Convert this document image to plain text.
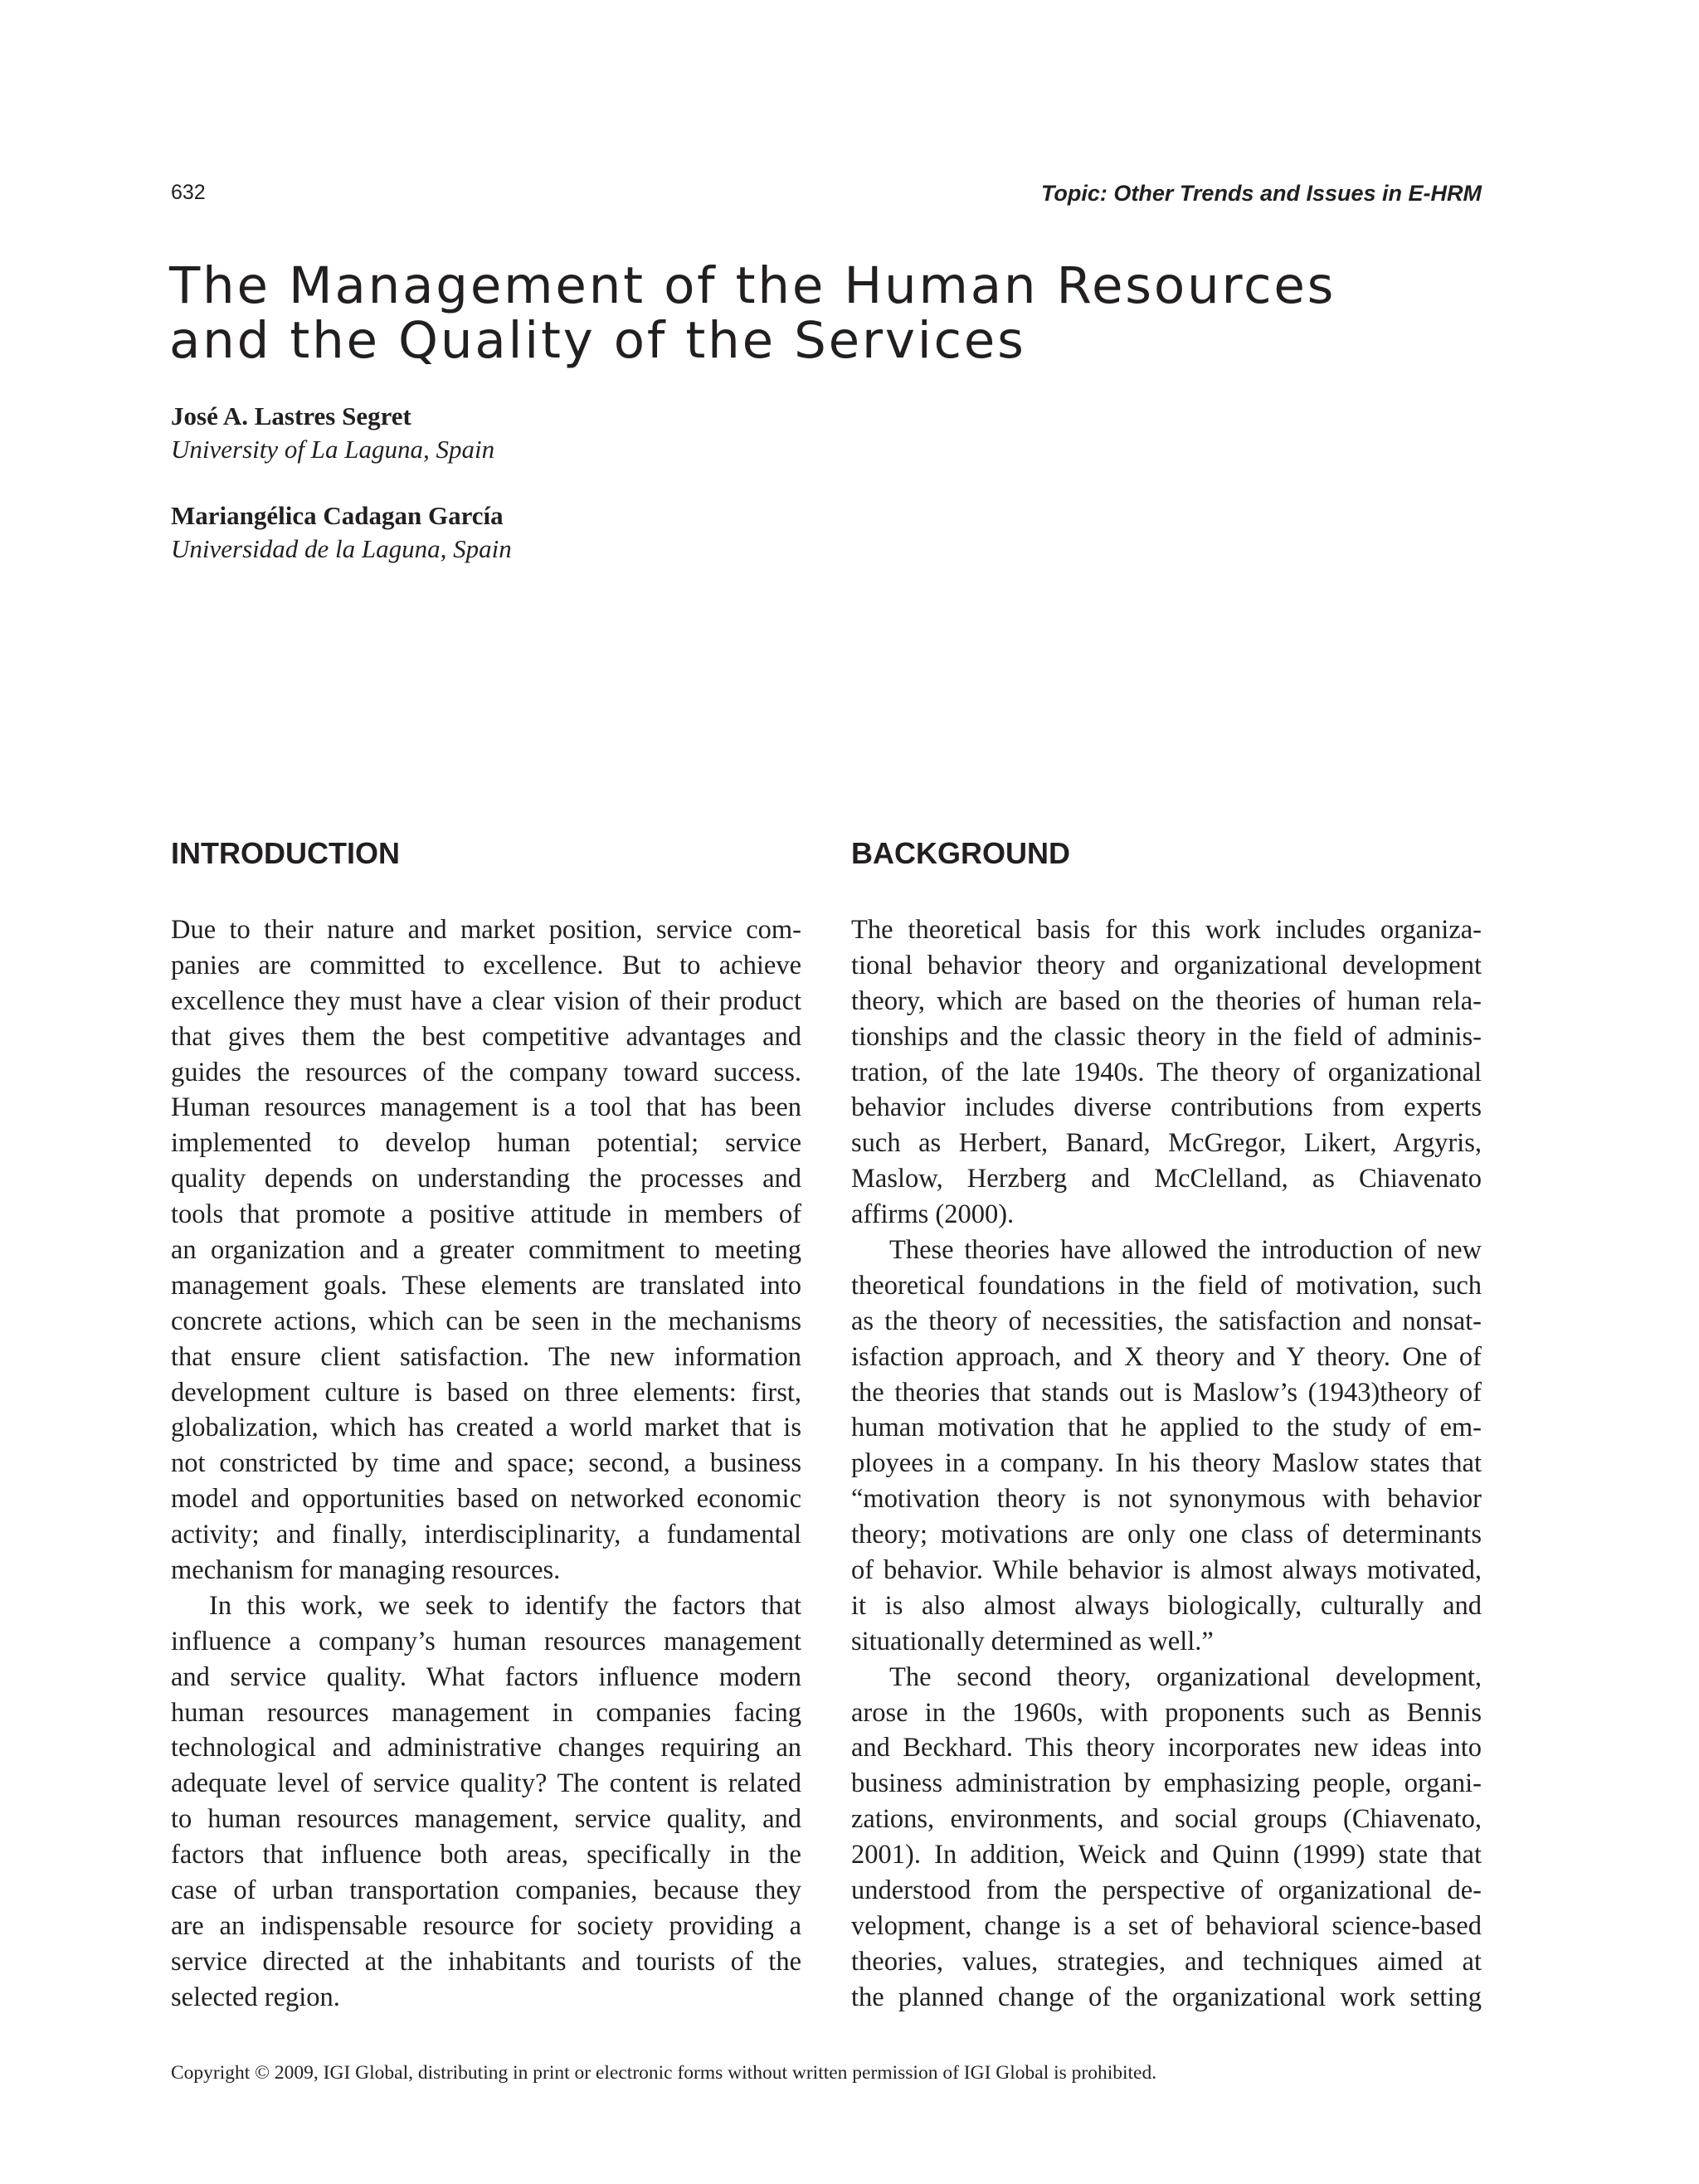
632	Topic: Other Trends and Issues in E-HRM
The Management of the Human Resources
and the Quality of the Services
José A. Lastres Segret
University of La Laguna, Spain
Mariangélica Cadagan García
Universidad de la Laguna, Spain
INTRODUCTION
Due to their nature and market position, service com-
panies are committed to excellence. But to achieve
excellence they must have a clear vision of their product
that gives them the best competitive advantages and
guides the resources of the company toward success.
Human resources management is a tool that has been
implemented to develop human potential; service
quality depends on understanding the processes and
tools that promote a positive attitude in members of
an organization and a greater commitment to meeting
management goals. These elements are translated into
concrete actions, which can be seen in the mechanisms
that ensure client satisfaction. The new information
development culture is based on three elements: first,
globalization, which has created a world market that is
not constricted by time and space; second, a business
model and opportunities based on networked economic
activity; and finally, interdisciplinarity, a fundamental
mechanism for managing resources.
In this work, we seek to identify the factors that
influence a company’s human resources management
and service quality. What factors influence modern
human resources management in companies facing
technological and administrative changes requiring an
adequate level of service quality? The content is related
to human resources management, service quality, and
factors that influence both areas, specifically in the
case of urban transportation companies, because they
are an indispensable resource for society providing a
service directed at the inhabitants and tourists of the
selected region.
BACKGROUND
The theoretical basis for this work includes organiza-
tional behavior theory and organizational development
theory, which are based on the theories of human rela-
tionships and the classic theory in the field of adminis-
tration, of the late 1940s. The theory of organizational
behavior includes diverse contributions from experts
such as Herbert, Banard, McGregor, Likert, Argyris,
Maslow, Herzberg and McClelland, as Chiavenato
affirms (2000).
These theories have allowed the introduction of new
theoretical foundations in the field of motivation, such
as the theory of necessities, the satisfaction and nonsat-
isfaction approach, and X theory and Y theory. One of
the theories that stands out is Maslow’s (1943)theory of
human motivation that he applied to the study of em-
ployees in a company. In his theory Maslow states that
“motivation theory is not synonymous with behavior
theory; motivations are only one class of determinants
of behavior. While behavior is almost always motivated,
it is also almost always biologically, culturally and
situationally determined as well.”
The second theory, organizational development,
arose in the 1960s, with proponents such as Bennis
and Beckhard. This theory incorporates new ideas into
business administration by emphasizing people, organi-
zations, environments, and social groups (Chiavenato,
2001). In addition, Weick and Quinn (1999) state that
understood from the perspective of organizational de-
velopment, change is a set of behavioral science-based
theories, values, strategies, and techniques aimed at
the planned change of the organizational work setting
Copyright © 2009, IGI Global, distributing in print or electronic forms without written permission of IGI Global is prohibited.
